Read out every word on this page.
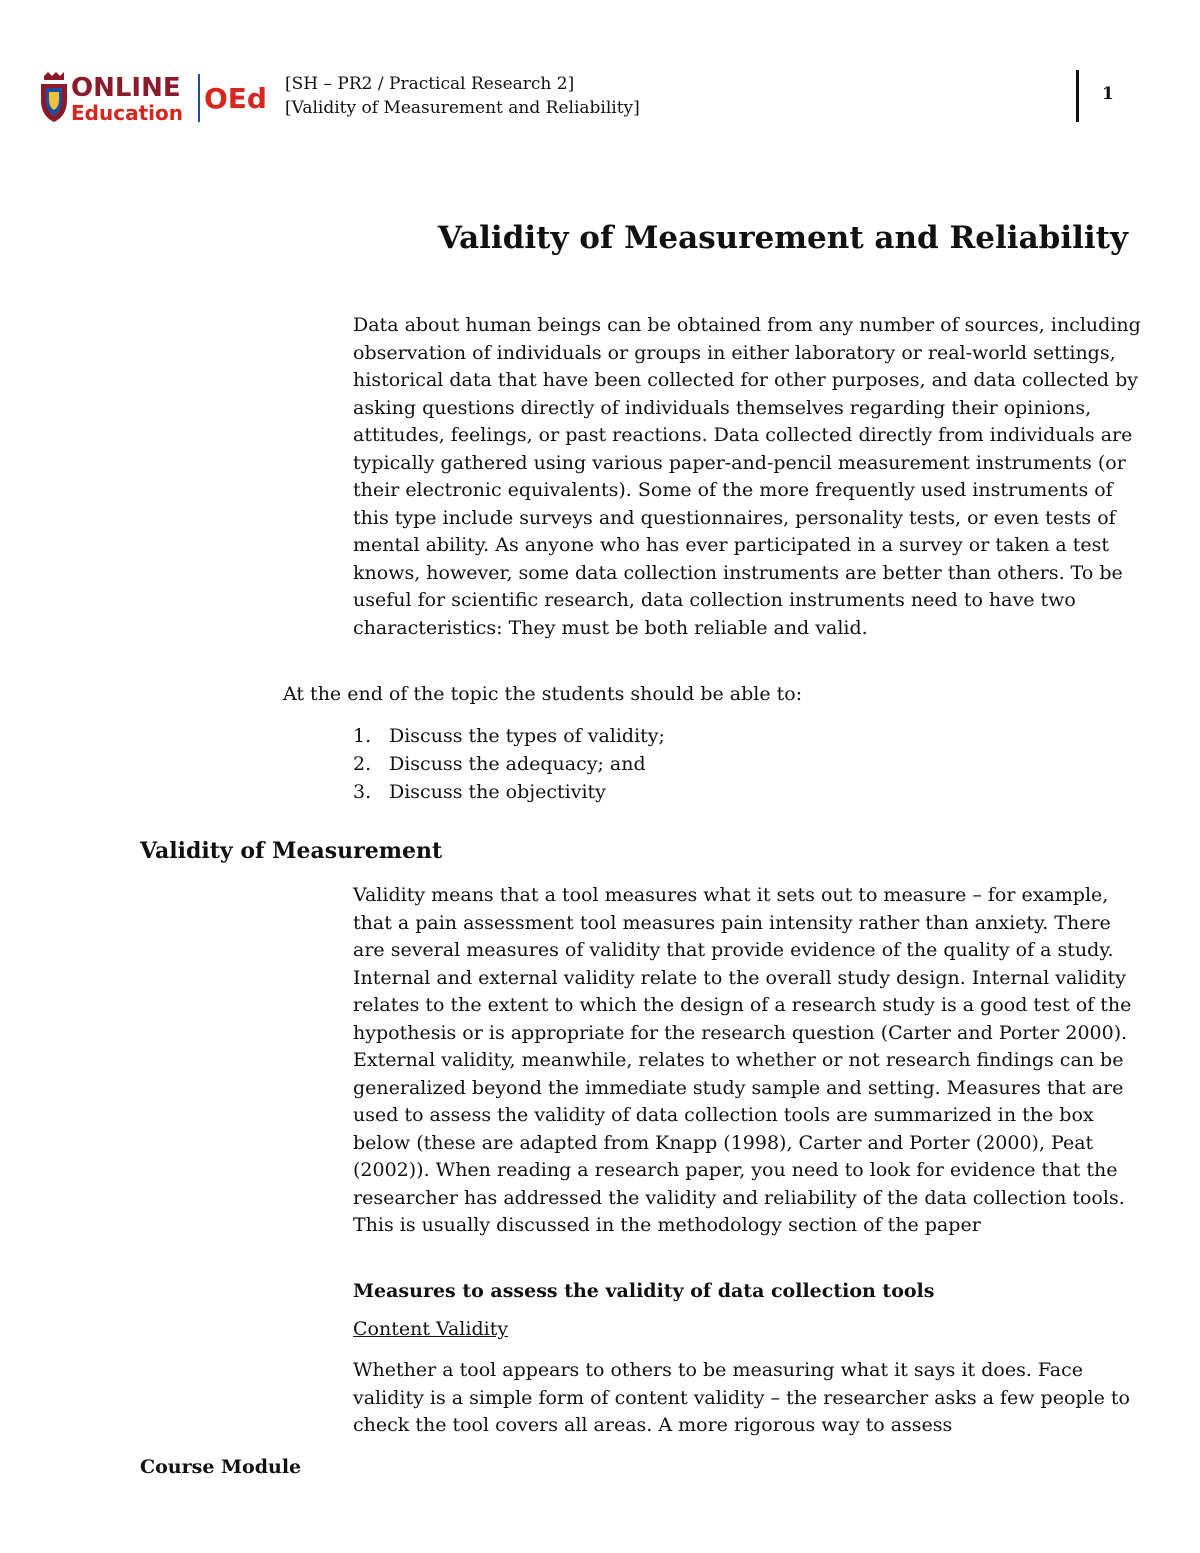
ONLINE
Education OEd [SH – PR2 / Practical Research 2]
[Validity of Measurement and Reliability]
1
Validity of Measurement and Reliability

Data about human beings can be obtained from any number of sources, including observation of individuals or groups in either laboratory or real-world settings, historical data that have been collected for other purposes, and data collected by asking questions directly of individuals themselves regarding their opinions, attitudes, feelings, or past reactions. Data collected directly from individuals are typically gathered using various paper-and-pencil measurement instruments (or their electronic equivalents). Some of the more frequently used instruments of this type include surveys and questionnaires, personality tests, or even tests of mental ability. As anyone who has ever participated in a survey or taken a test knows, however, some data collection instruments are better than others. To be useful for scientific research, data collection instruments need to have two characteristics: They must be both reliable and valid.

At the end of the topic the students should be able to:
1. Discuss the types of validity;
2. Discuss the adequacy; and
3. Discuss the objectivity
Validity of Measurement

Validity means that a tool measures what it sets out to measure – for example, that a pain assessment tool measures pain intensity rather than anxiety. There are several measures of validity that provide evidence of the quality of a study. Internal and external validity relate to the overall study design. Internal validity relates to the extent to which the design of a research study is a good test of the hypothesis or is appropriate for the research question (Carter and Porter 2000). External validity, meanwhile, relates to whether or not research findings can be generalized beyond the immediate study sample and setting. Measures that are used to assess the validity of data collection tools are summarized in the box below (these are adapted from Knapp (1998), Carter and Porter (2000), Peat (2002)). When reading a research paper, you need to look for evidence that the researcher has addressed the validity and reliability of the data collection tools. This is usually discussed in the methodology section of the paper

Measures to assess the validity of data collection tools
Content Validity

Whether a tool appears to others to be measuring what it says it does. Face validity is a simple form of content validity – the researcher asks a few people to check the tool covers all areas. A more rigorous way to assess

Course Module
